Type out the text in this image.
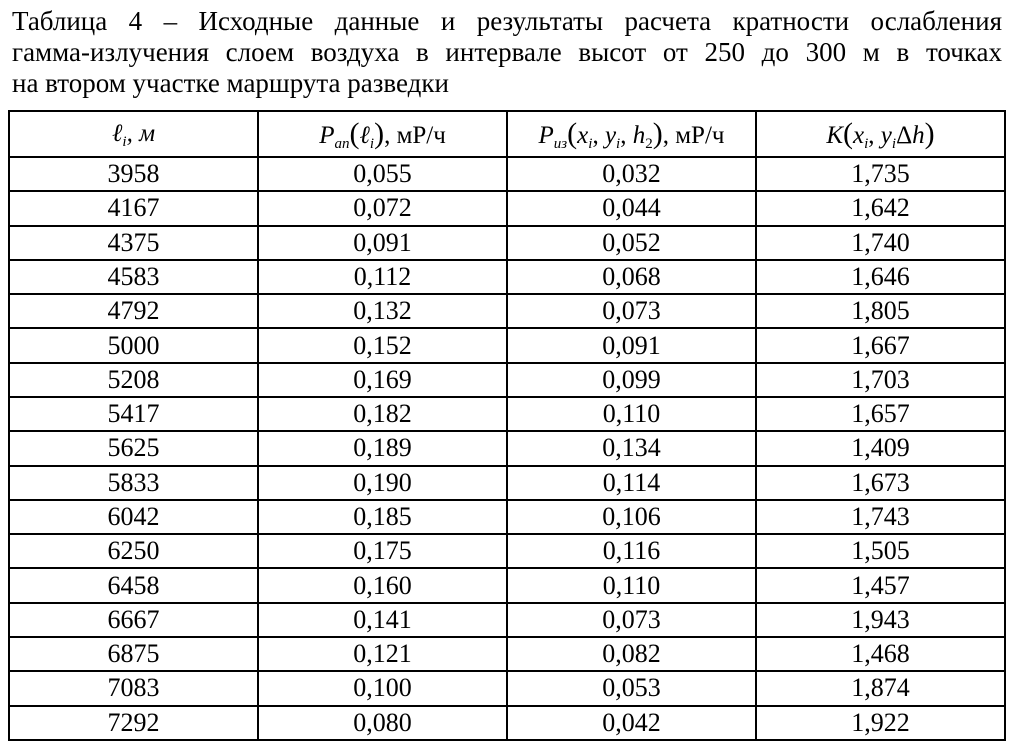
Таблица 4 – Исходные данные и результаты расчета кратности ослабления
гамма-излучения слоем воздуха в интервале высот от 250 до 300 м в точках
на втором участке маршрута разведки
ℓ$_i$, м	$P_{ап}(\ell_i)$, мР/ч	$P_{из}(x_i$, $y_i$, $h_2$), мР/ч	$K(x_i$, $y_i\Delta h$)
3958	0,055	0,032	1,735
4167	0,072	0,044	1,642
4375	0,091	0,052	1,740
4583	0,112	0,068	1,646
4792	0,132	0,073	1,805
5000	0,152	0,091	1,667
5208	0,169	0,099	1,703
5417	0,182	0,110	1,657
5625	0,189	0,134	1,409
5833	0,190	0,114	1,673
6042	0,185	0,106	1,743
6250	0,175	0,116	1,505
6458	0,160	0,110	1,457
6667	0,141	0,073	1,943
6875	0,121	0,082	1,468
7083	0,100	0,053	1,874
7292	0,080	0,042	1,922
